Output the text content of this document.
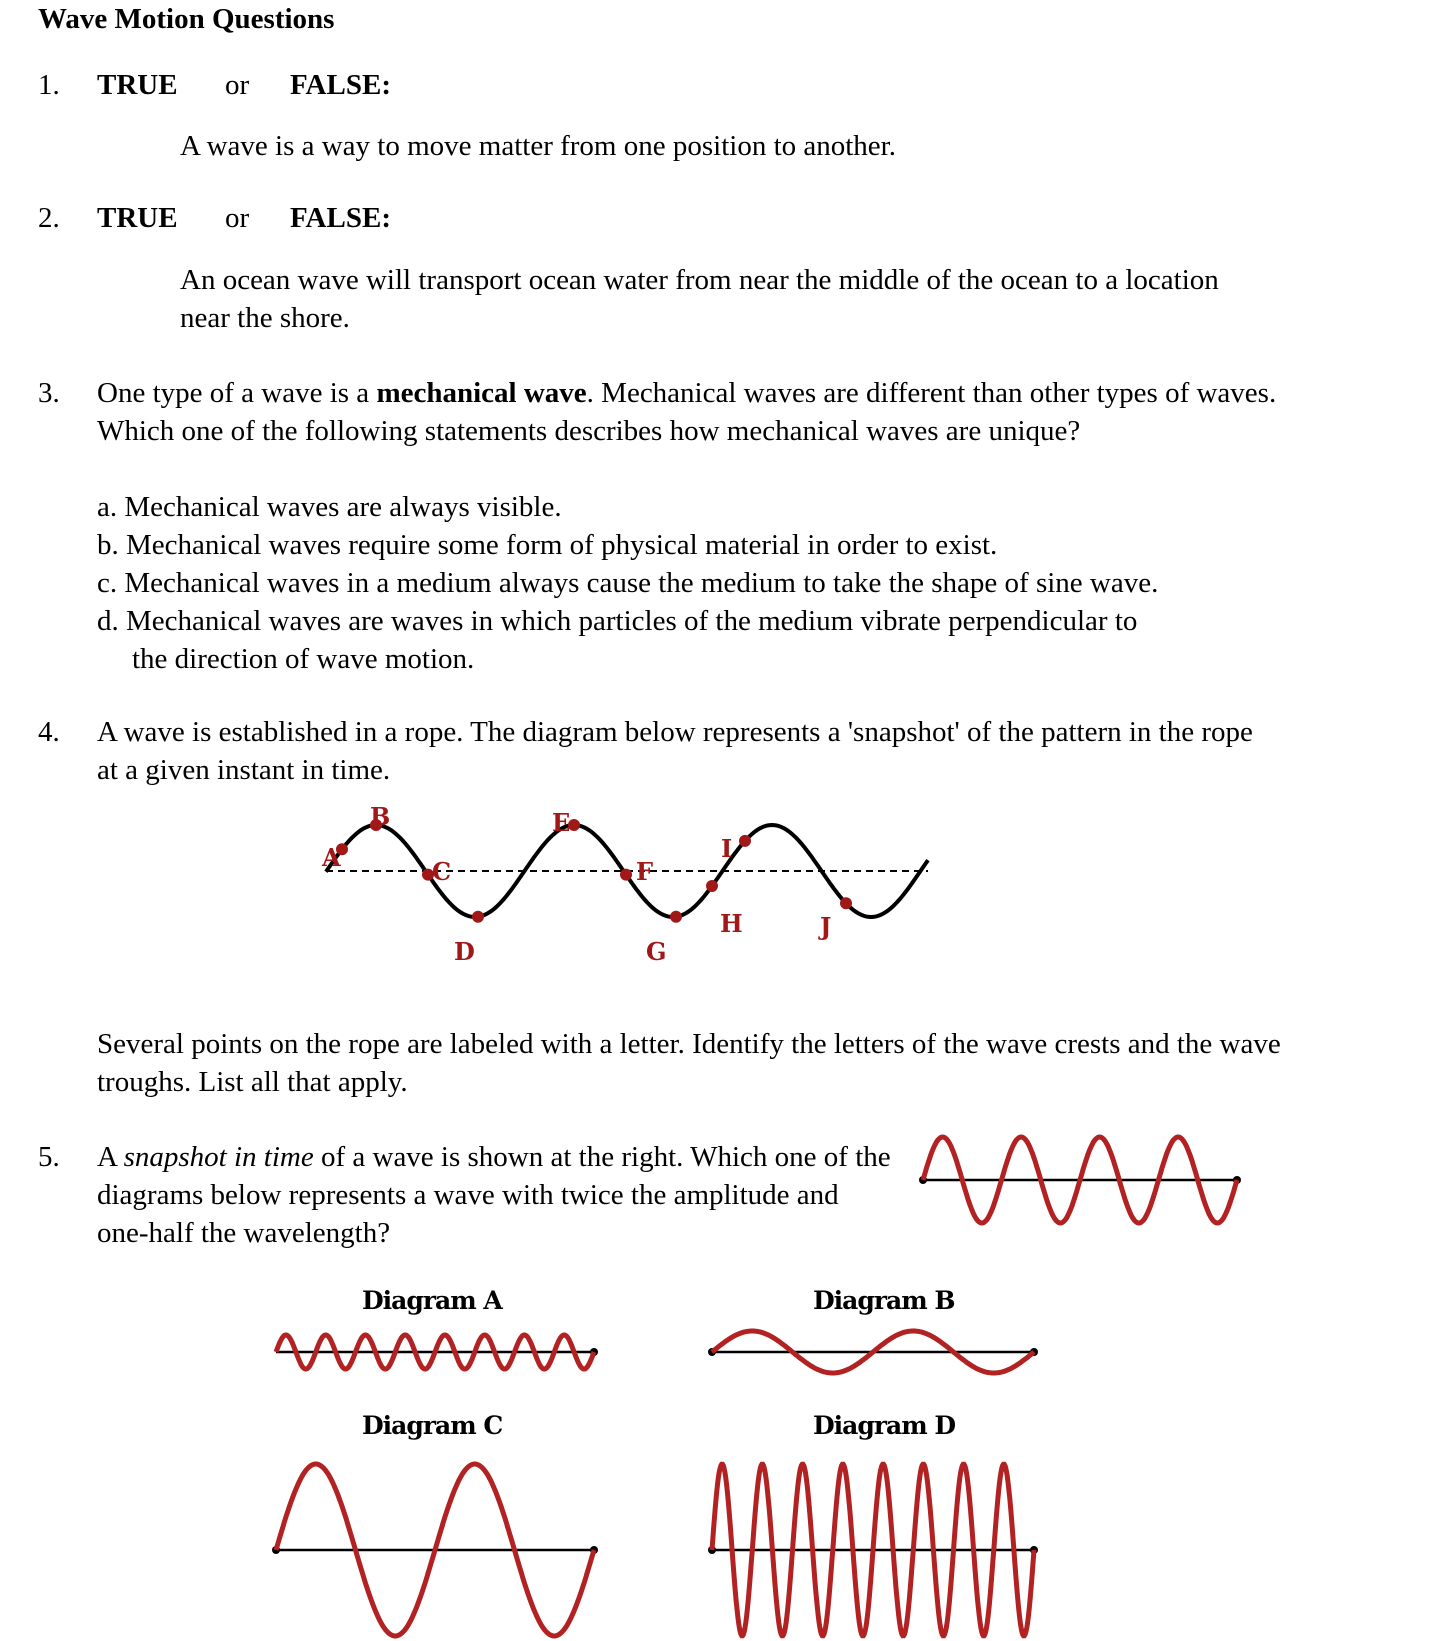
Wave Motion Questions
1. TRUE or FALSE:
A wave is a way to move matter from one position to another.
2. TRUE or FALSE:
An ocean wave will transport ocean water from near the middle of the ocean to a location near the shore.
3. One type of a wave is a mechanical wave. Mechanical waves are different than other types of waves. Which one of the following statements describes how mechanical waves are unique?
a. Mechanical waves are always visible.
b. Mechanical waves require some form of physical material in order to exist.
c. Mechanical waves in a medium always cause the medium to take the shape of sine wave.
d. Mechanical waves are waves in which particles of the medium vibrate perpendicular to
the direction of wave motion.
4. A wave is established in a rope. The diagram below represents a 'snapshot' of the pattern in the rope at a given instant in time.
A
B
C
D
E
F
G
H
I
J
Several points on the rope are labeled with a letter. Identify the letters of the wave crests and the wave troughs. List all that apply.
5. A snapshot in time of a wave is shown at the right. Which one of the diagrams below represents a wave with twice the amplitude and one-half the wavelength?
Diagram A	Diagram B
Diagram C	Diagram D
